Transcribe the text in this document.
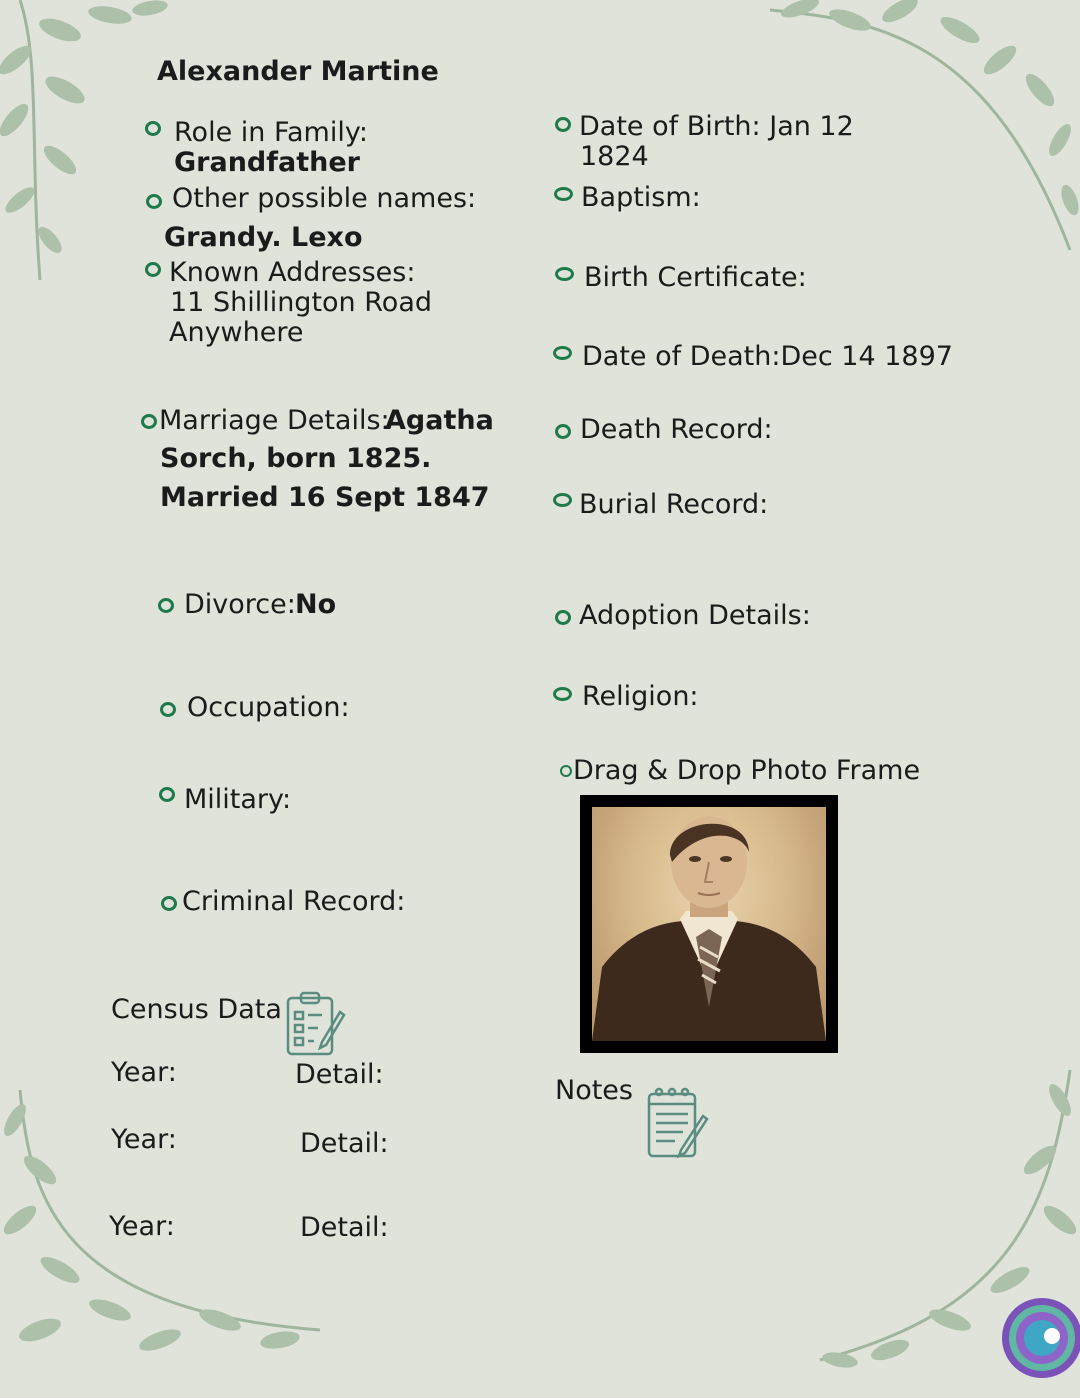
Alexander Martine
Role in Family:
Grandfather
Other possible names:
Grandy. Lexo
Known Addresses:
11 Shillington Road
Anywhere
Marriage Details:
Agatha
Sorch, born 1825.
Married 16 Sept 1847
Divorce: No
Occupation:
Military:
Criminal Record:
Date of Birth: Jan 12
1824
Baptism:
Birth Certificate:
Date of Death:Dec 14 1897
Death Record:
Burial Record:
Adoption Details:
Religion:
Drag & Drop Photo Frame
Census Data
Year:	Detail:
Year:	Detail:
Year:	Detail:
Notes
